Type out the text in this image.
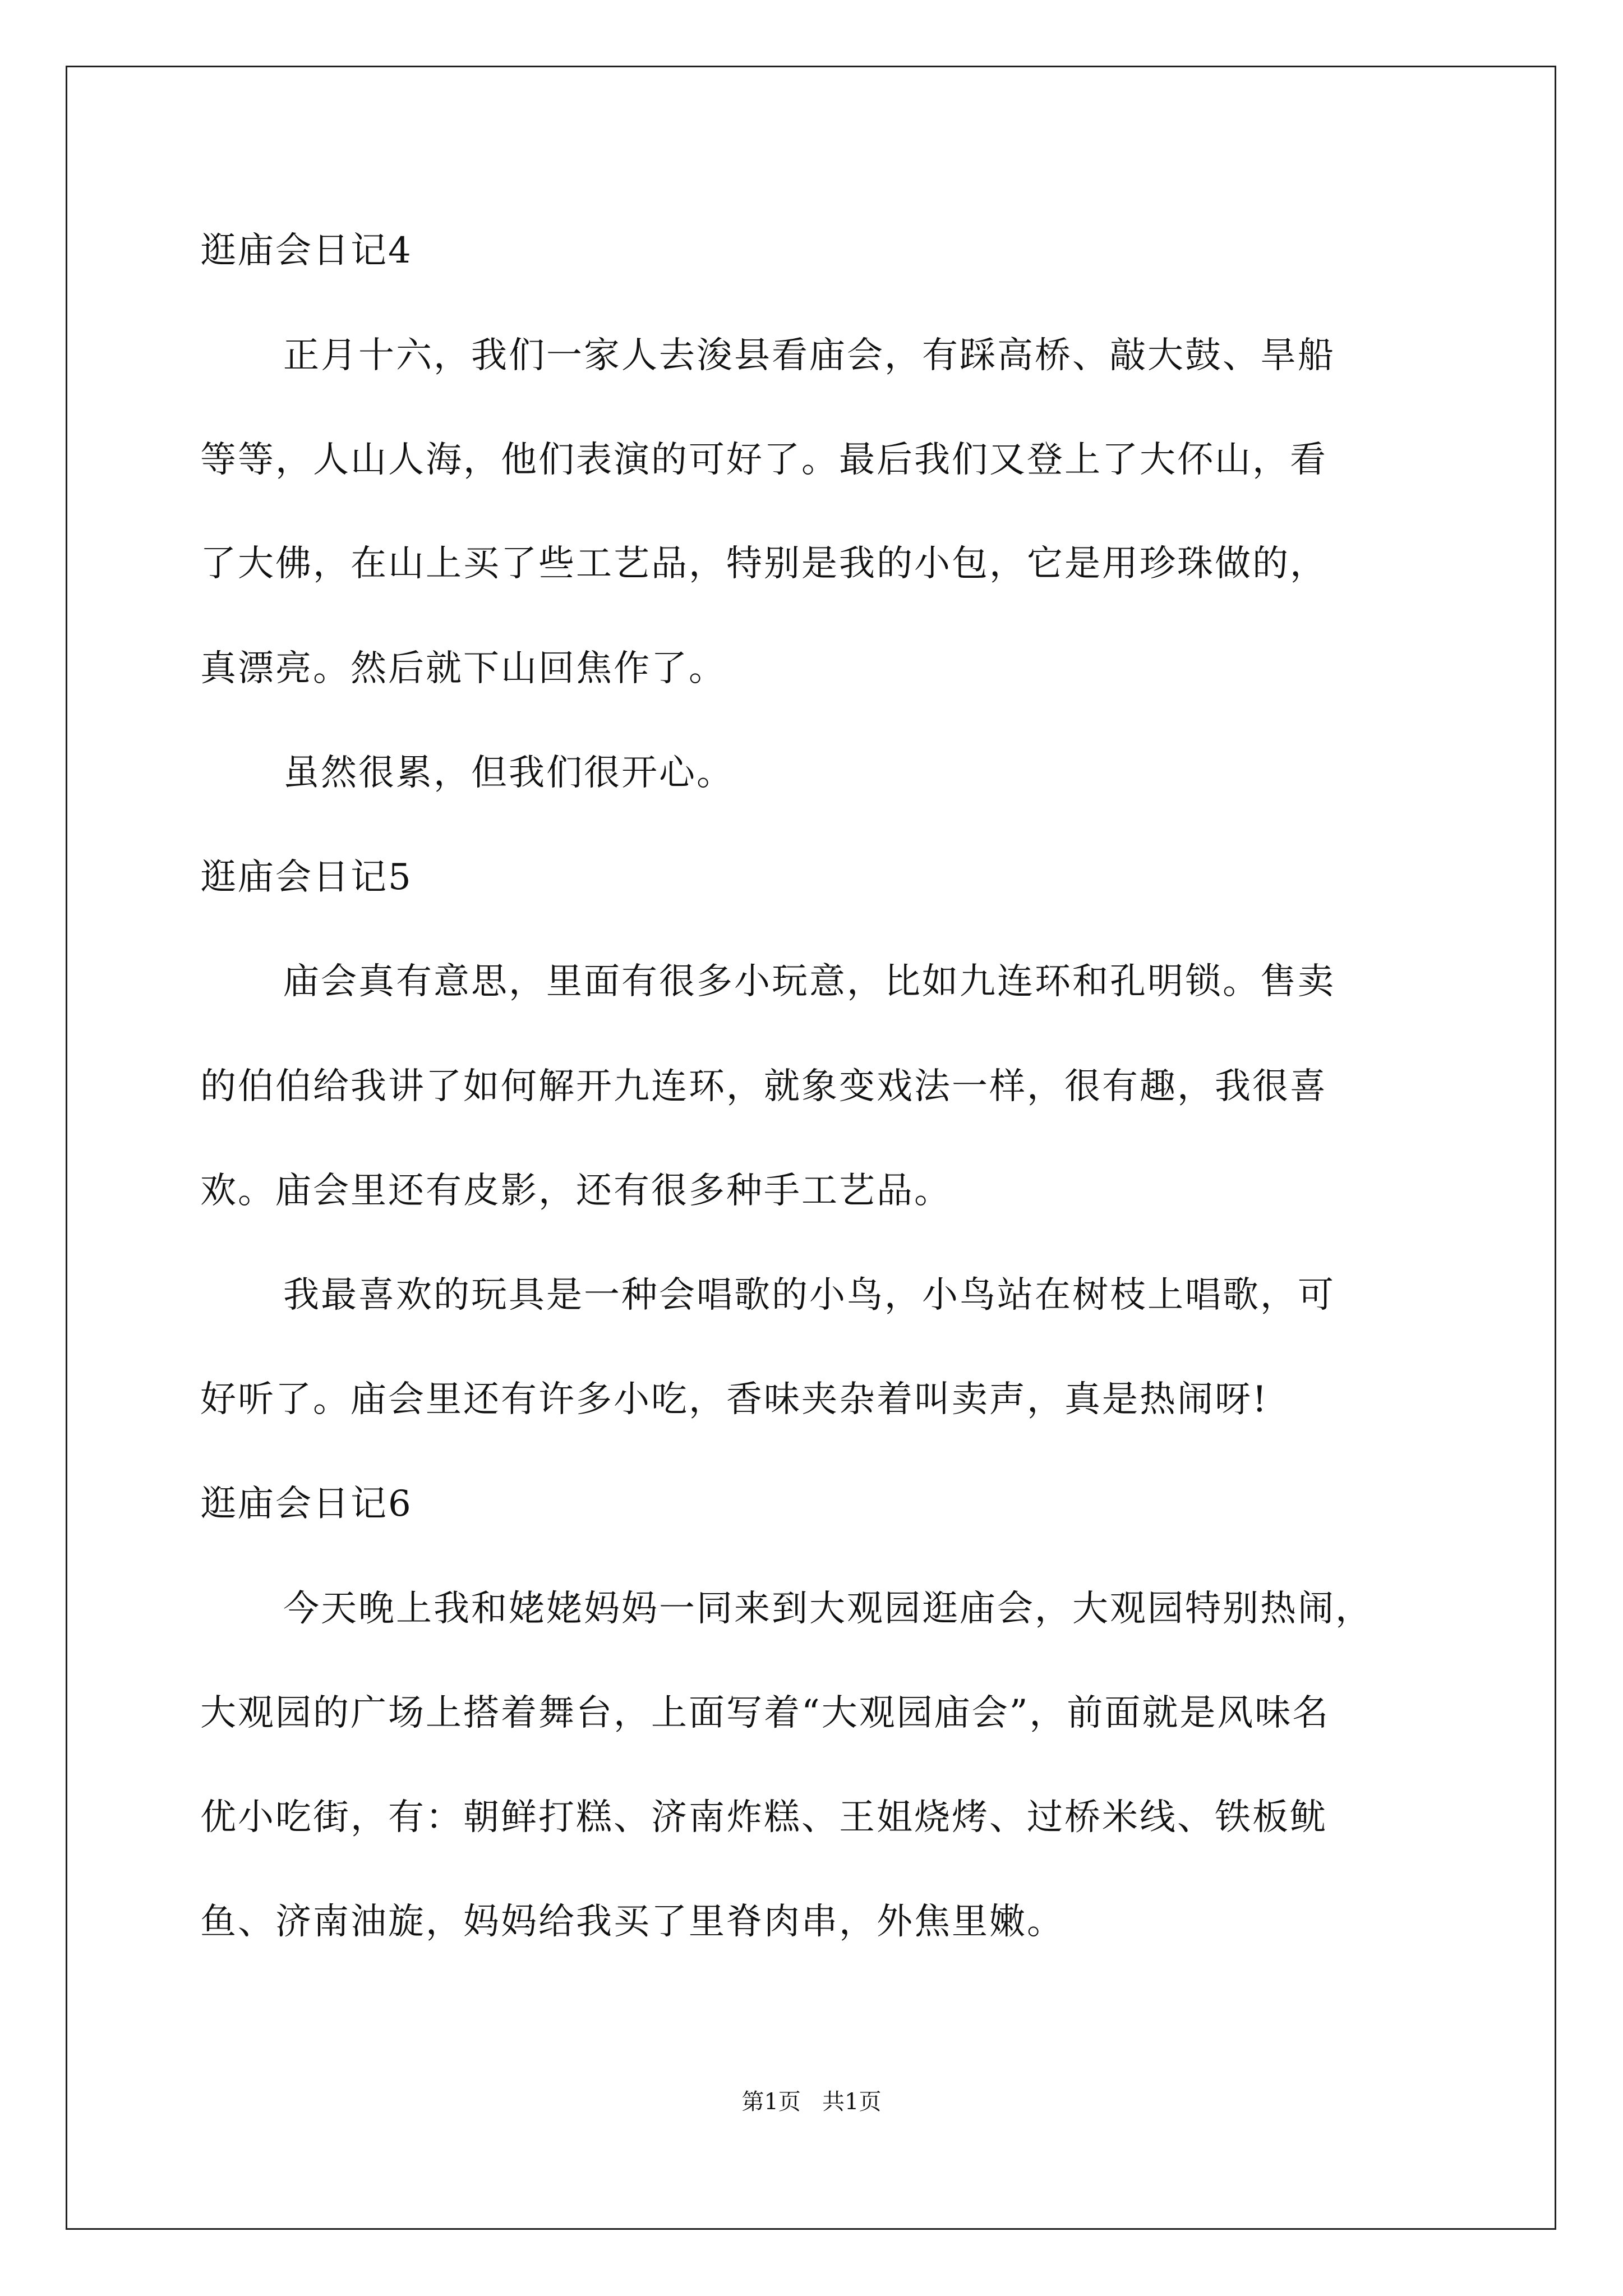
逛庙会日记4
正月十六，我们一家人去浚县看庙会，有踩高桥、敲大鼓、旱船
等等，人山人海，他们表演的可好了。最后我们又登上了大伓山，看
了大佛，在山上买了些工艺品，特别是我的小包，它是用珍珠做的，
真漂亮。然后就下山回焦作了。
虽然很累，但我们很开心。
逛庙会日记5
庙会真有意思，里面有很多小玩意，比如九连环和孔明锁。售卖
的伯伯给我讲了如何解开九连环，就象变戏法一样，很有趣，我很喜
欢。庙会里还有皮影，还有很多种手工艺品。
我最喜欢的玩具是一种会唱歌的小鸟，小鸟站在树枝上唱歌，可
好听了。庙会里还有许多小吃，香味夹杂着叫卖声，真是热闹呀!
逛庙会日记6
今天晚上我和姥姥妈妈一同来到大观园逛庙会，大观园特别热闹，
大观园的广场上搭着舞台，上面写着“大观园庙会”，前面就是风味名
优小吃街，有：朝鲜打糕、济南炸糕、王姐烧烤、过桥米线、铁板鱿
鱼、济南油旋，妈妈给我买了里脊肉串，外焦里嫩。
第1页   共1页
